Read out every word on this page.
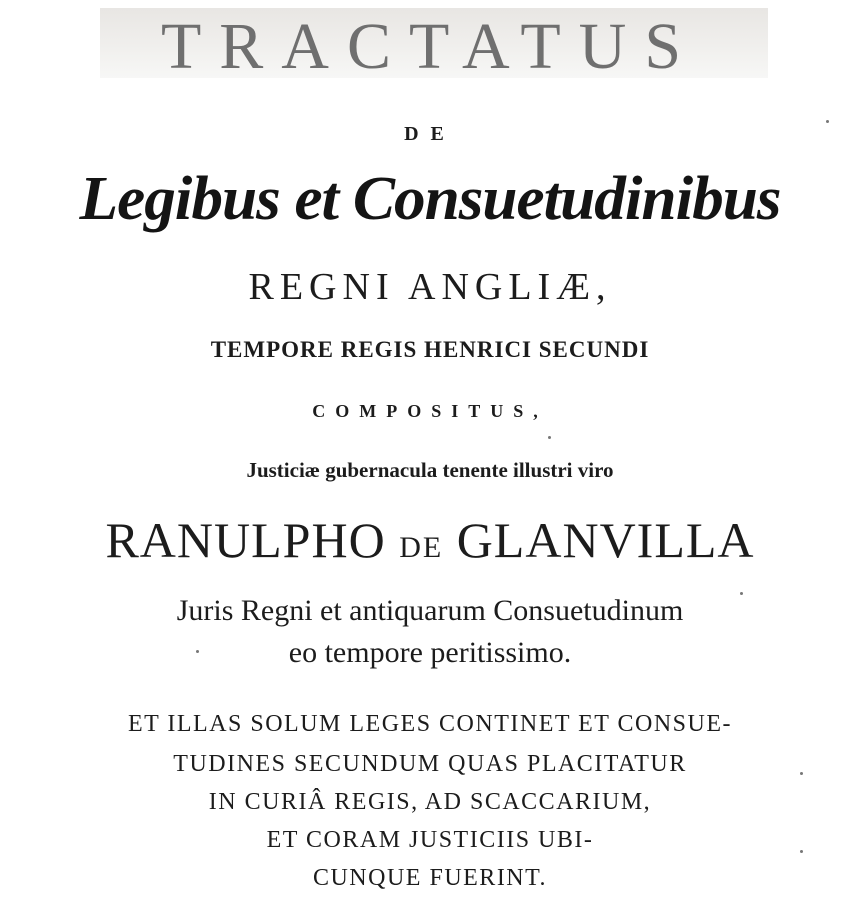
TRACTATUS

DE

Legibus et Consuetudinibus

REGNI ANGLIÆ,

TEMPORE REGIS HENRICI SECUNDI

COMPOSITUS,

Justiciæ gubernacula tenente illustri viro

RANULPHO DE GLANVILLA

Juris Regni et antiquarum Consuetudinum

eo tempore peritissimo.

ET ILLAS SOLUM LEGES CONTINET ET CONSUE-

TUDINES SECUNDUM QUAS PLACITATUR

IN CURIÂ REGIS, AD SCACCARIUM,

ET CORAM JUSTICIIS UBI-

CUNQUE FUERINT.
